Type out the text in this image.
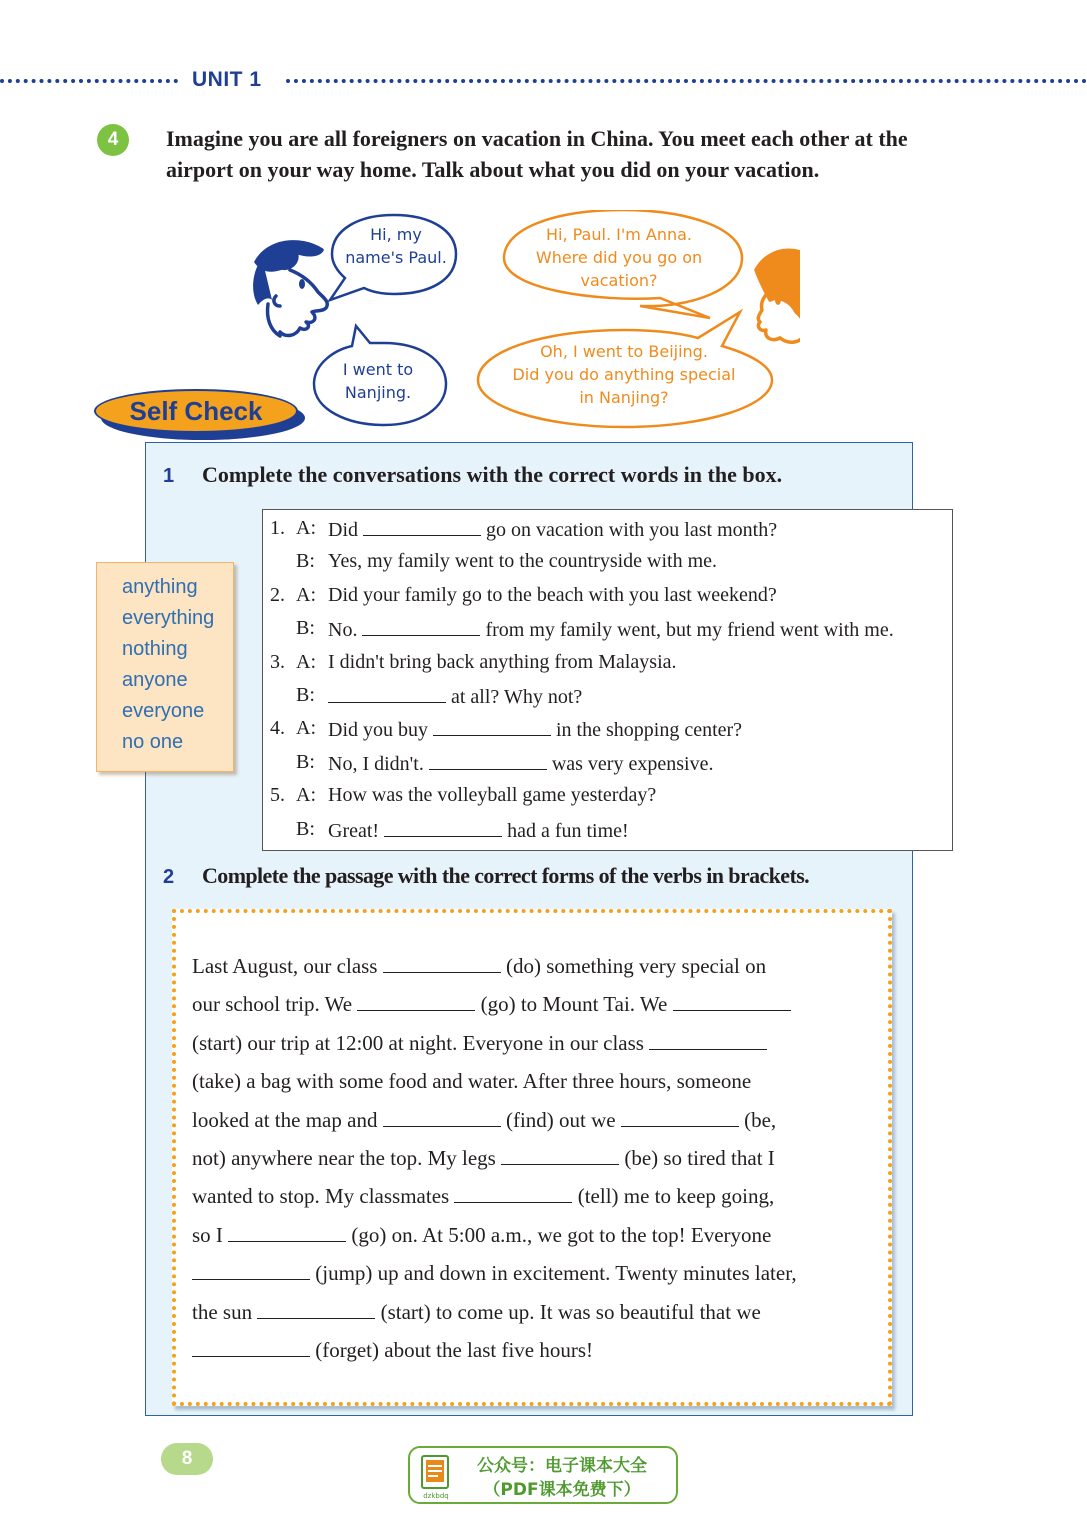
UNIT 1
4	Imagine you are all foreigners on vacation in China. You meet each other at the airport on your way home. Talk about what you did on your vacation.
Hi, my
name's Paul.
Hi, Paul. I'm Anna.
Where did you go on
vacation?
I went to
Nanjing.
Oh, I went to Beijing.
Did you do anything special
in Nanjing?
Self Check
1 Complete the conversations with the correct words in the box.
anything
everything
nothing
anyone
everyone
no one
1. A: Did	go on vacation with you last month?
B: Yes, my family went to the countryside with me.
2. A: Did your family go to the beach with you last weekend?
B: No.	from my family went, but my friend went with me.
3. A: I didn't bring back anything from Malaysia.
B:	at all? Why not?
4. A: Did you buy	in the shopping center?
B: No, I didn't.	was very expensive.
5. A: How was the volleyball game yesterday?
B: Great!	had a fun time!
2 Complete the passage with the correct forms of the verbs in brackets.
Last August, our class	(do) something very special on
our school trip. We	(go) to Mount Tai. We
(start) our trip at 12:00 at night. Everyone in our class
(take) a bag with some food and water. After three hours, someone
looked at the map and	(find) out we	(be,
not) anywhere near the top. My legs	(be) so tired that I
wanted to stop. My classmates	(tell) me to keep going,
so I	(go) on. At 5:00 a.m., we got to the top! Everyone
(jump) up and down in excitement. Twenty minutes later,
the sun	(start) to come up. It was so beautiful that we
(forget) about the last five hours!
8
dzkbdq
公众号：电子课本大全
（PDF课本免费下）
